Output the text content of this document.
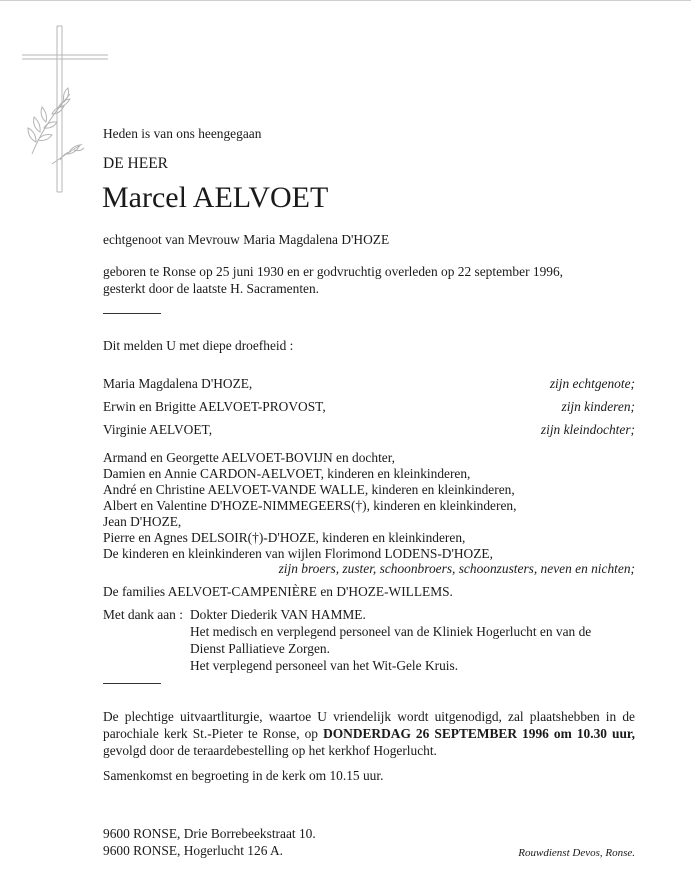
Heden is van ons heengegaan
DE HEER
Marcel AELVOET
echtgenoot van Mevrouw Maria Magdalena D'HOZE
geboren te Ronse op 25 juni 1930 en er godvruchtig overleden op 22 september 1996,
gesterkt door de laatste H. Sacramenten.
Dit melden U met diepe droefheid :
Maria Magdalena D'HOZE,	zijn echtgenote;
Erwin en Brigitte AELVOET-PROVOST,	zijn kinderen;
Virginie AELVOET,	zijn kleindochter;
Armand en Georgette AELVOET-BOVIJN en dochter,
Damien en Annie CARDON-AELVOET, kinderen en kleinkinderen,
André en Christine AELVOET-VANDE WALLE, kinderen en kleinkinderen,
Albert en Valentine D'HOZE-NIMMEGEERS(†), kinderen en kleinkinderen,
Jean D'HOZE,
Pierre en Agnes DELSOIR(†)-D'HOZE, kinderen en kleinkinderen,
De kinderen en kleinkinderen van wijlen Florimond LODENS-D'HOZE,
zijn broers, zuster, schoonbroers, schoonzusters, neven en nichten;
De families AELVOET-CAMPENIÈRE en D'HOZE-WILLEMS.
Met dank aan : Dokter Diederik VAN HAMME.
Het medisch en verplegend personeel van de Kliniek Hogerlucht en van de
Dienst Palliatieve Zorgen.
Het verplegend personeel van het Wit-Gele Kruis.
De plechtige uitvaartliturgie, waartoe U vriendelijk wordt uitgenodigd, zal plaatshebben in de parochiale kerk St.-Pieter te Ronse, op DONDERDAG 26 SEPTEMBER 1996 om 10.30 uur, gevolgd door de teraardebestelling op het kerkhof Hogerlucht.
Samenkomst en begroeting in de kerk om 10.15 uur.
9600 RONSE, Drie Borrebeekstraat 10.
9600 RONSE, Hogerlucht 126 A.	Rouwdienst Devos, Ronse.
